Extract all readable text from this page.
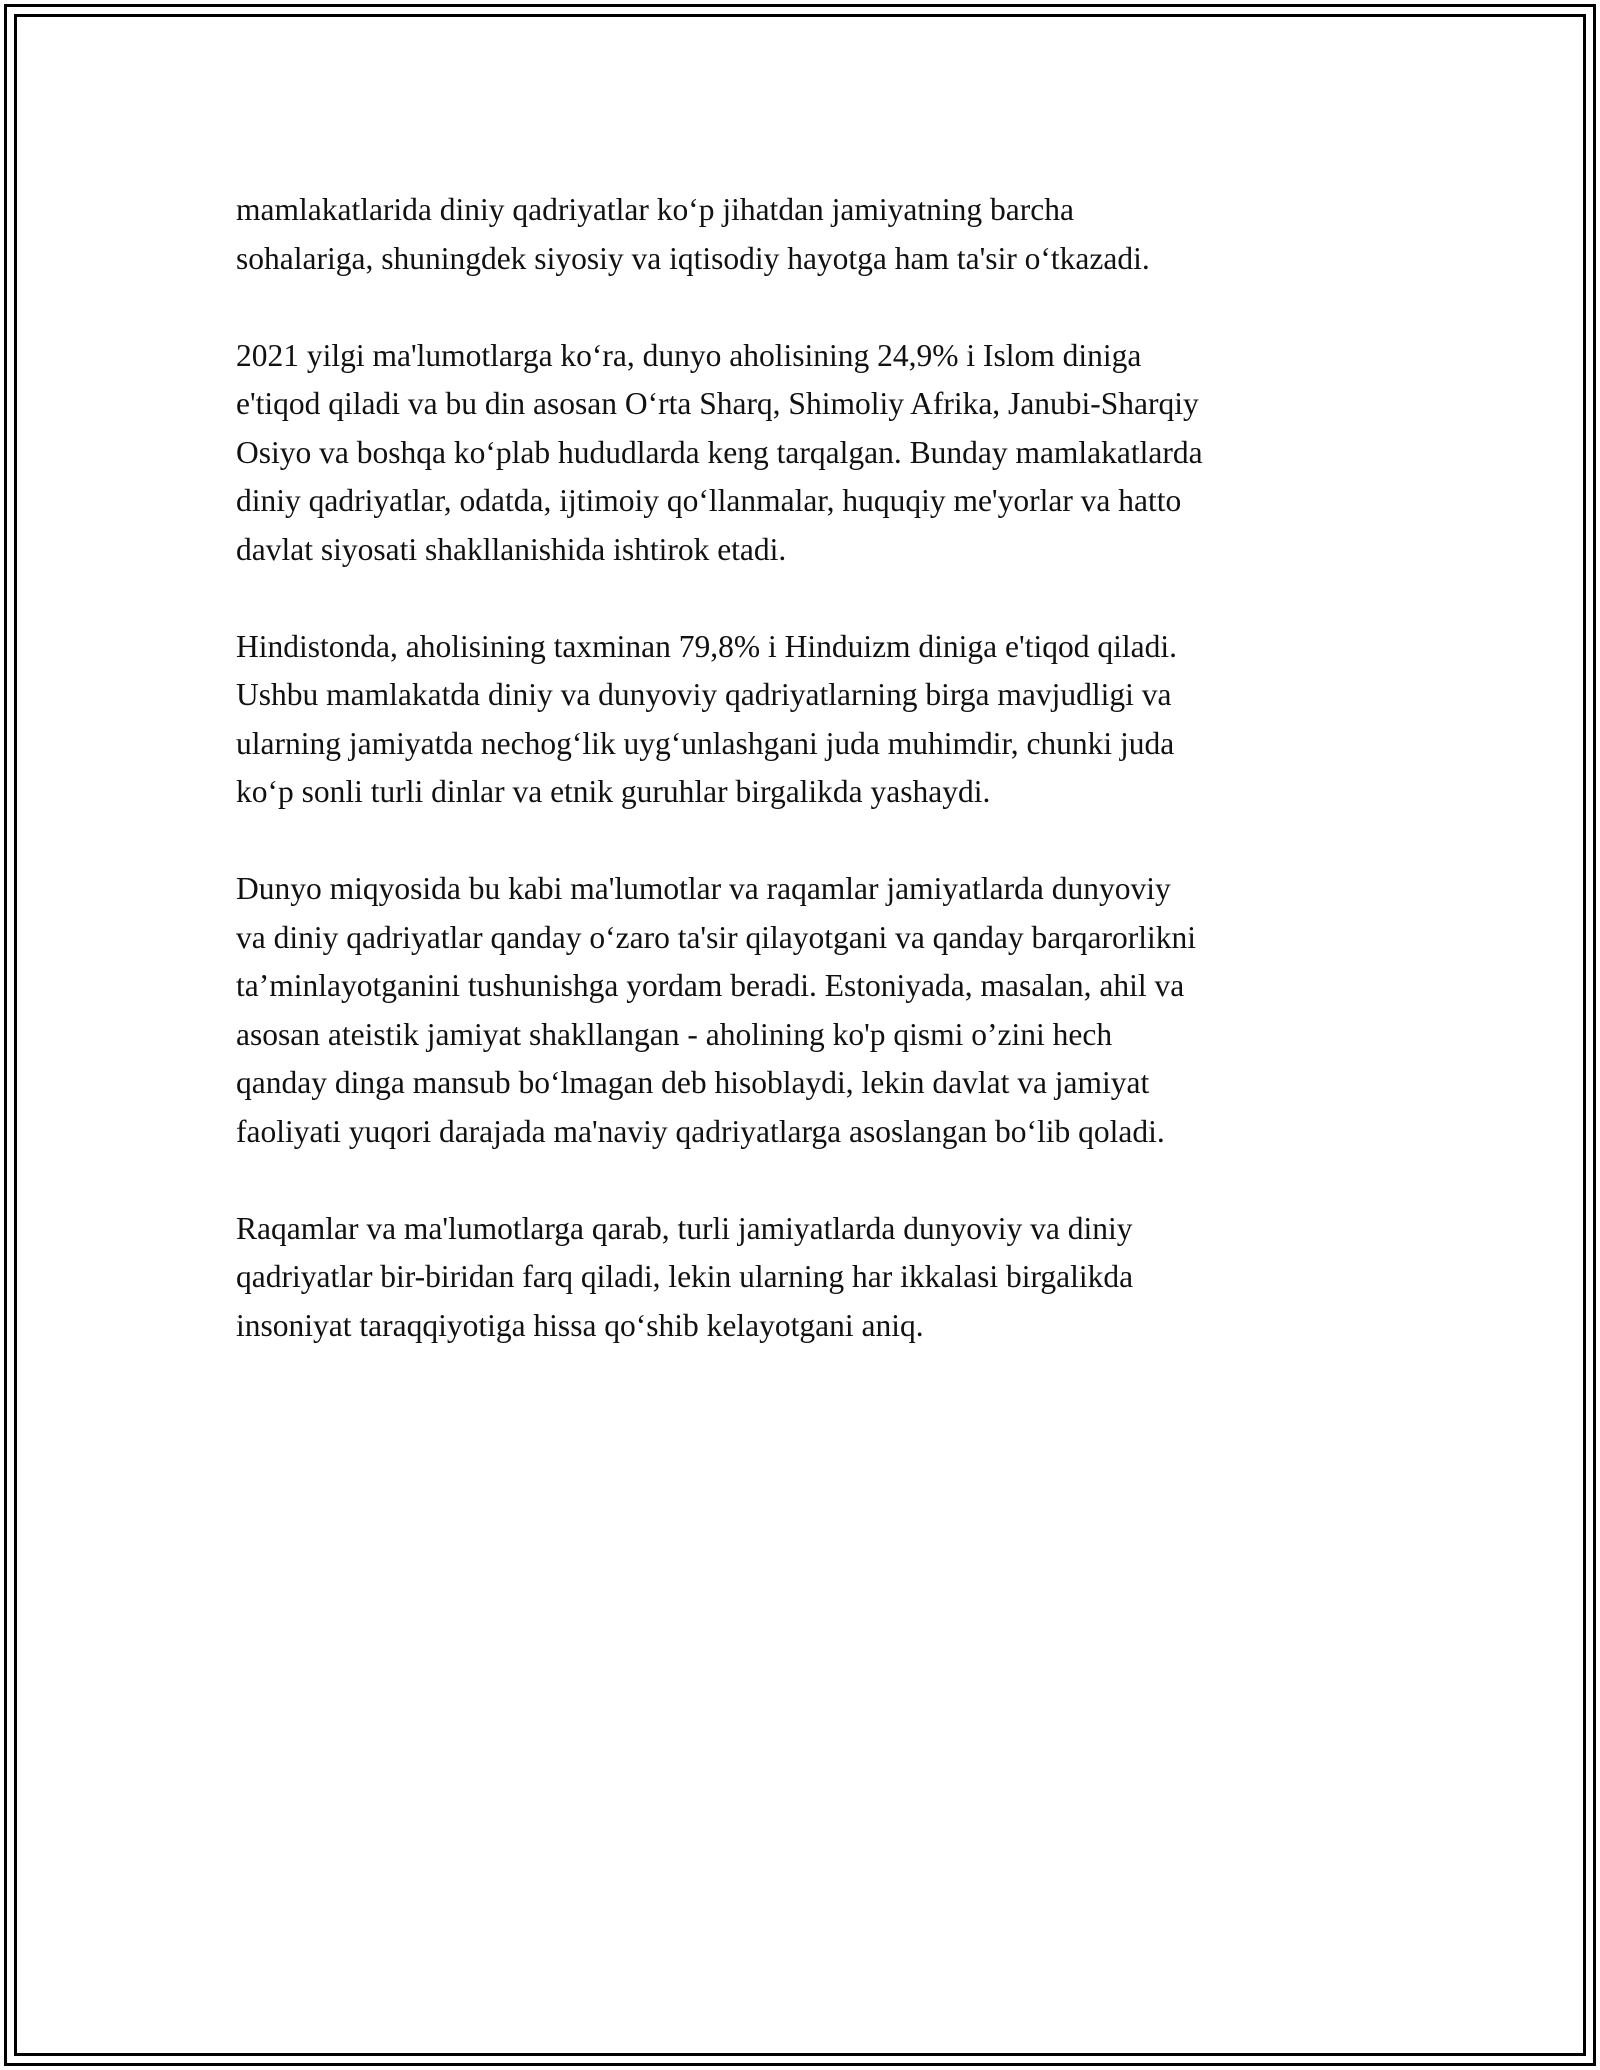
mamlakatlarida diniy qadriyatlar ko‘p jihatdan jamiyatning barcha
sohalariga, shuningdek siyosiy va iqtisodiy hayotga ham ta'sir o‘tkazadi.

2021 yilgi ma'lumotlarga ko‘ra, dunyo aholisining 24,9% i Islom diniga
e'tiqod qiladi va bu din asosan O‘rta Sharq, Shimoliy Afrika, Janubi-Sharqiy
Osiyo va boshqa ko‘plab hududlarda keng tarqalgan. Bunday mamlakatlarda
diniy qadriyatlar, odatda, ijtimoiy qo‘llanmalar, huquqiy me'yorlar va hatto
davlat siyosati shakllanishida ishtirok etadi.

Hindistonda, aholisining taxminan 79,8% i Hinduizm diniga e'tiqod qiladi.
Ushbu mamlakatda diniy va dunyoviy qadriyatlarning birga mavjudligi va
ularning jamiyatda nechog‘lik uyg‘unlashgani juda muhimdir, chunki juda
ko‘p sonli turli dinlar va etnik guruhlar birgalikda yashaydi.

Dunyo miqyosida bu kabi ma'lumotlar va raqamlar jamiyatlarda dunyoviy
va diniy qadriyatlar qanday o‘zaro ta'sir qilayotgani va qanday barqarorlikni
ta’minlayotganini tushunishga yordam beradi. Estoniyada, masalan, ahil va
asosan ateistik jamiyat shakllangan - aholining ko'p qismi o’zini hech
qanday dinga mansub bo‘lmagan deb hisoblaydi, lekin davlat va jamiyat
faoliyati yuqori darajada ma'naviy qadriyatlarga asoslangan bo‘lib qoladi.

Raqamlar va ma'lumotlarga qarab, turli jamiyatlarda dunyoviy va diniy
qadriyatlar bir-biridan farq qiladi, lekin ularning har ikkalasi birgalikda
insoniyat taraqqiyotiga hissa qo‘shib kelayotgani aniq.
